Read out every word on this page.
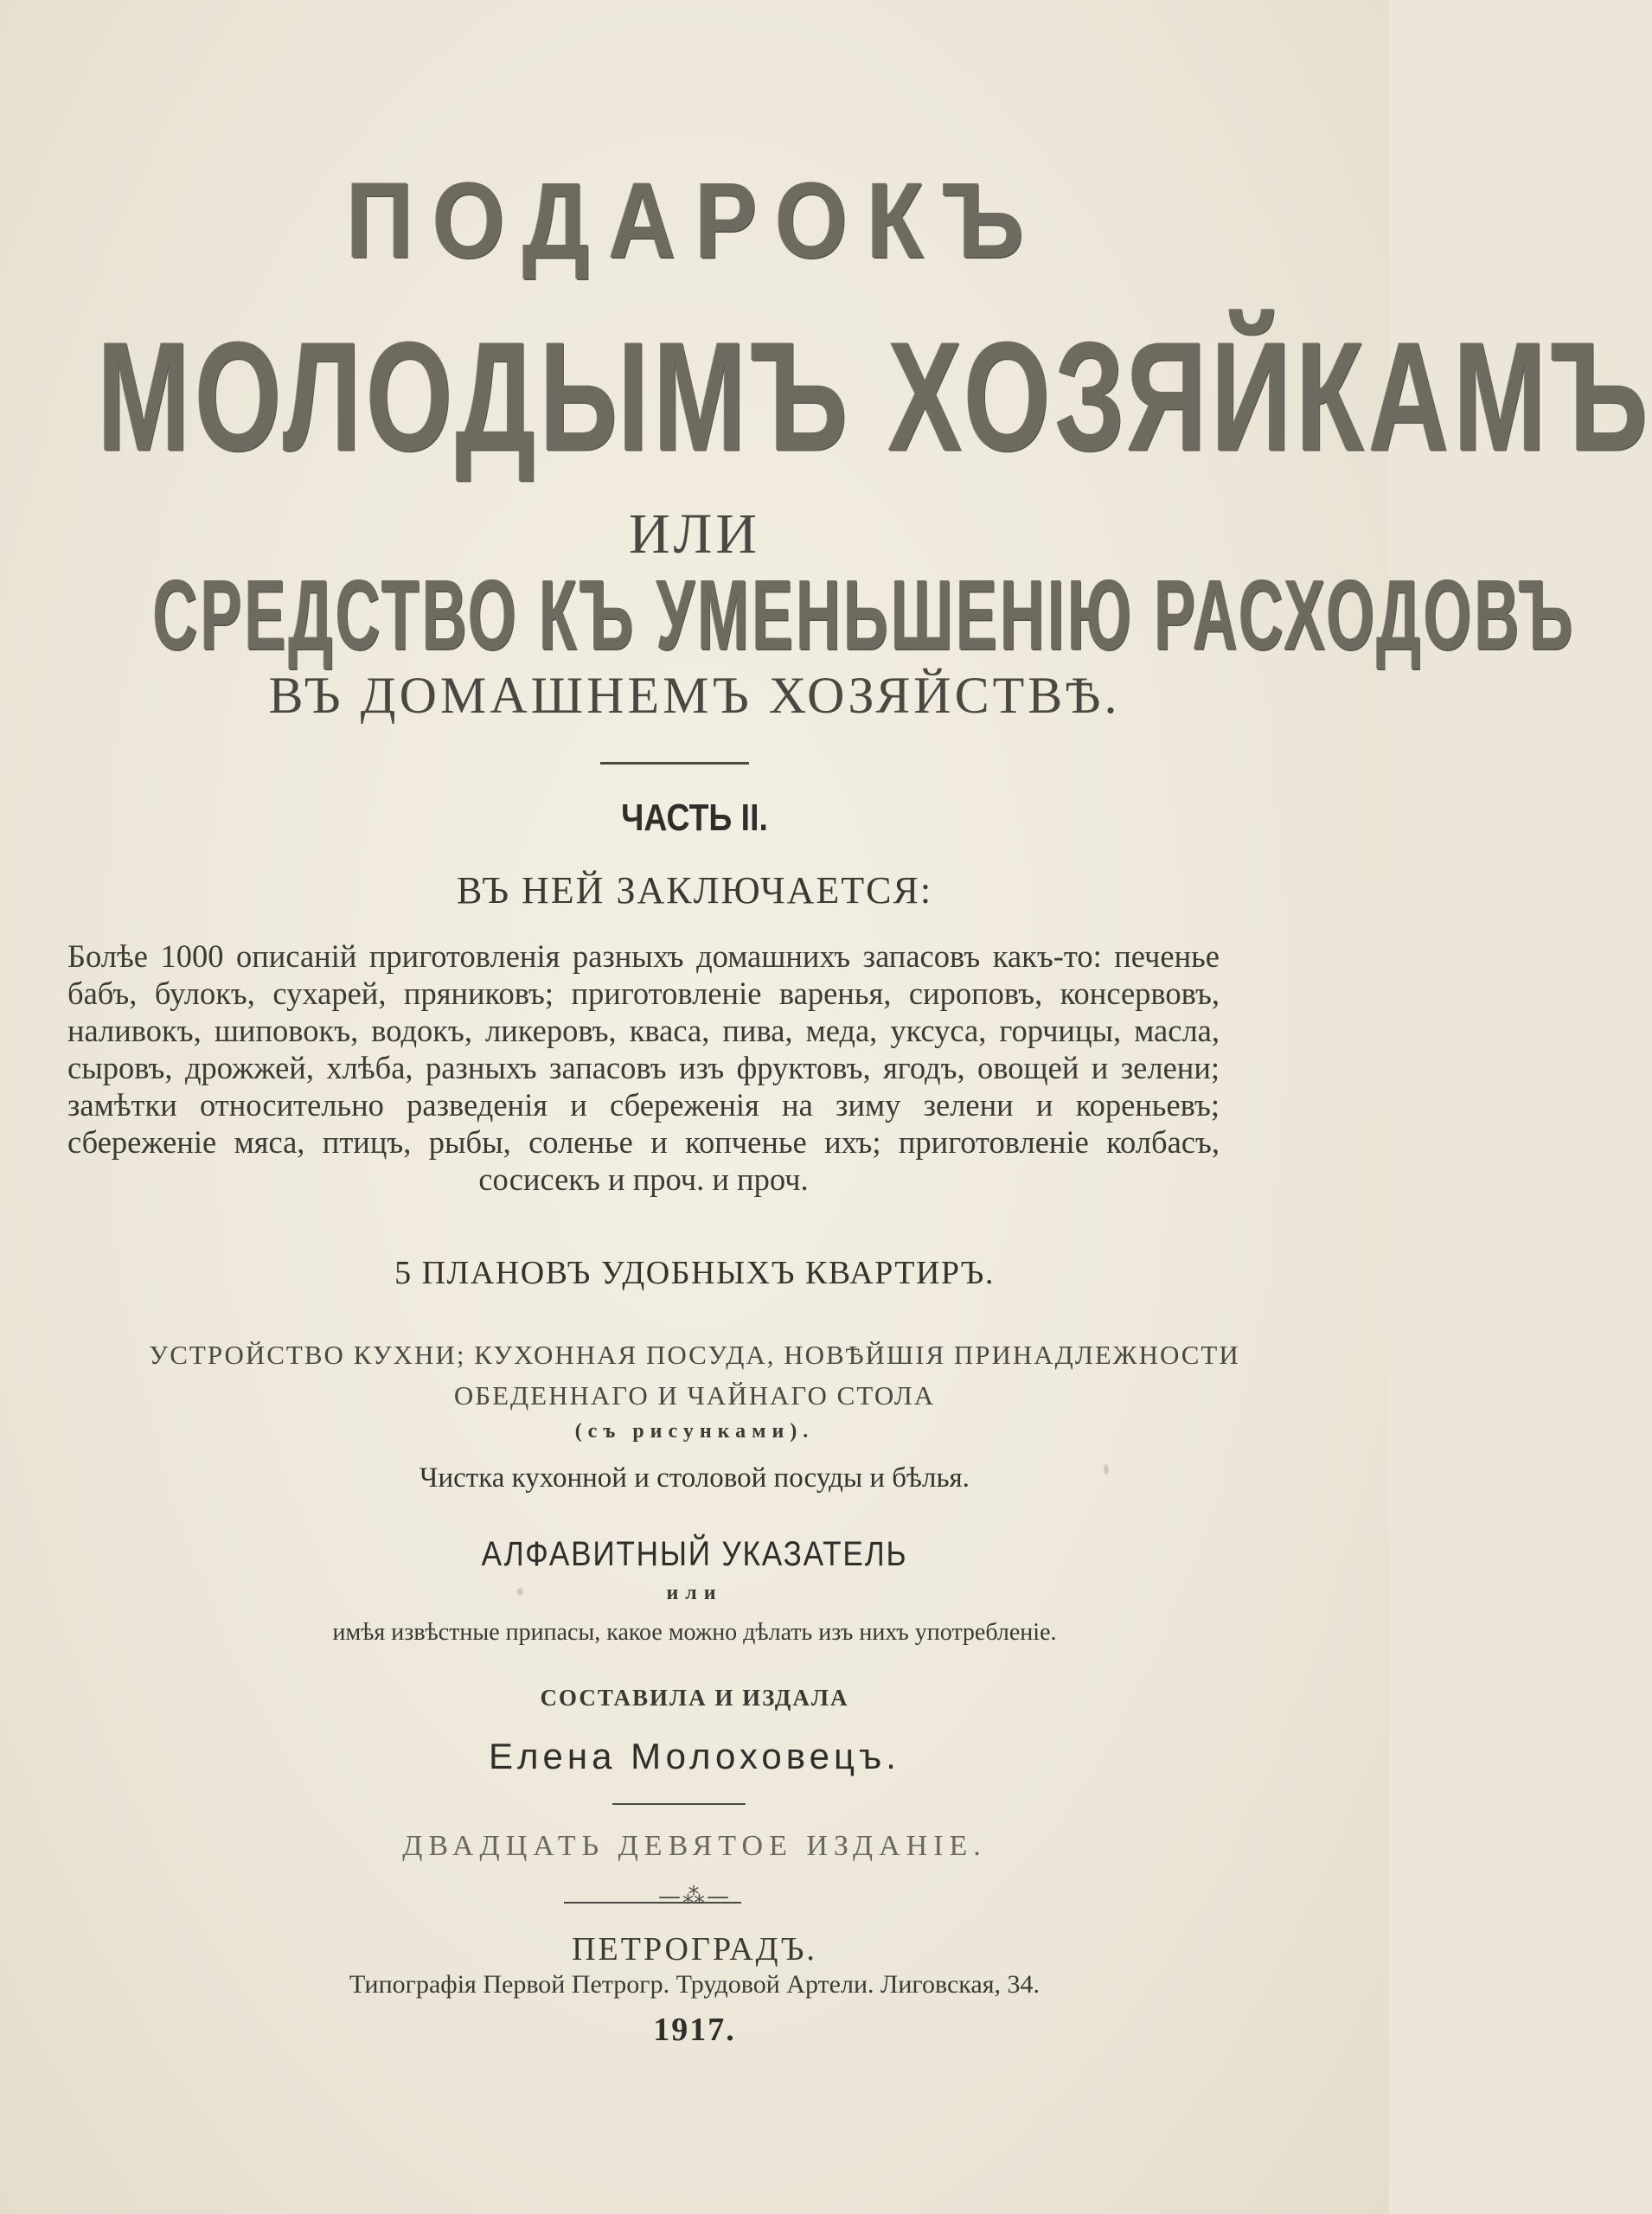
ПОДАРОКЪ
МОЛОДЫМЪ ХОЗЯЙКАМЪ
ИЛИ
СРЕДСТВО КЪ УМЕНЬШЕНІЮ РАСХОДОВЪ
ВЪ ДОМАШНЕМЪ ХОЗЯЙСТВѢ.
ЧАСТЬ II.
ВЪ НЕЙ ЗАКЛЮЧАЕТСЯ:
Болѣе 1000 описаній приготовленія разныхъ домашнихъ запасовъ какъ-то: печенье бабъ, булокъ, сухарей, пряниковъ; приготовленіе варенья, сироповъ, консервовъ, наливокъ, шиповокъ, водокъ, ликеровъ, кваса, пива, меда, уксуса, горчицы, масла, сыровъ, дрожжей, хлѣба, разныхъ запасовъ изъ фруктовъ, ягодъ, овощей и зелени; замѣтки относительно разведенія и сбереженія на зиму зелени и кореньевъ; сбереженіе мяса, птицъ, рыбы, соленье и копченье ихъ; приготовленіе колбасъ, сосисекъ и проч. и проч.
5 ПЛАНОВЪ УДОБНЫХЪ КВАРТИРЪ.
УСТРОЙСТВО КУХНИ; КУХОННАЯ ПОСУДА, НОВѢЙШІЯ ПРИНАДЛЕЖНОСТИ
ОБЕДЕННАГО И ЧАЙНАГО СТОЛА
(съ рисунками).
Чистка кухонной и столовой посуды и бѣлья.
АЛФАВИТНЫЙ УКАЗАТЕЛЬ
или
имѣя извѣстные припасы, какое можно дѣлать изъ нихъ употребленіе.
СОСТАВИЛА И ИЗДАЛА
Елена Молоховецъ.
ДВАДЦАТЬ ДЕВЯТОЕ ИЗДАНІЕ.
—⁂—
ПЕТРОГРАДЪ.
Типографія Первой Петрогр. Трудовой Артели. Лиговская, 34.
1917.
